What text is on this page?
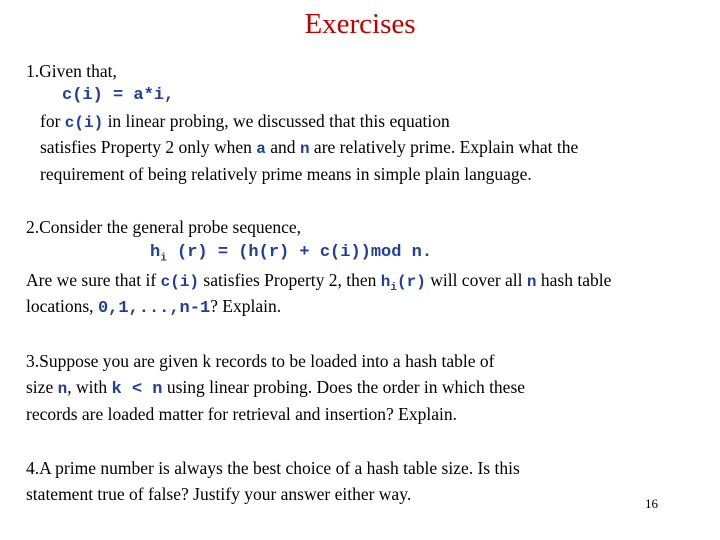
Exercises
1.Given that,
c(i) = a*i,
for c(i) in linear probing, we discussed that this equation
satisfies Property 2 only when a and n are relatively prime. Explain what the
requirement of being relatively prime means in simple plain language.
2.Consider the general probe sequence,
$h_i$ (r) = (h(r) + c(i))mod n.
Are we sure that if c(i) satisfies Property 2, then $h_i(r)$ will cover all n hash table
locations, 0,1,...,n-1? Explain.
3.Suppose you are given k records to be loaded into a hash table of
size n, with k < n using linear probing. Does the order in which these
records are loaded matter for retrieval and insertion? Explain.
4.A prime number is always the best choice of a hash table size. Is this
statement true of false? Justify your answer either way.	16
